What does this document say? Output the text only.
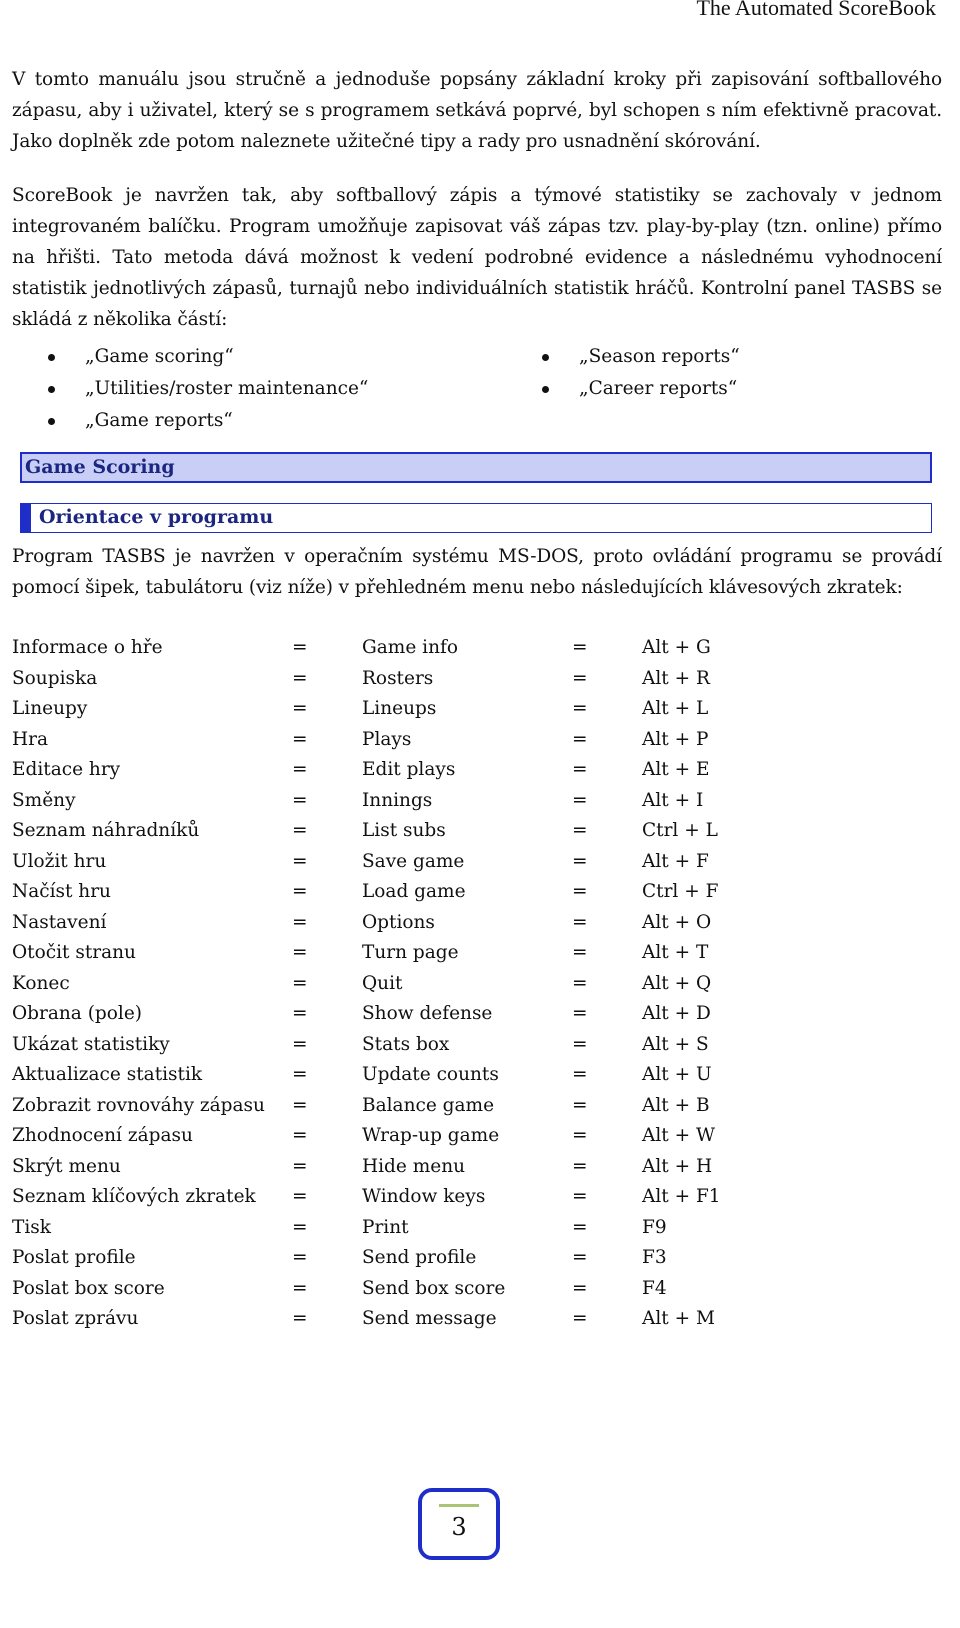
The Automated ScoreBook

V tomto manuálu jsou stručně a jednoduše popsány základní kroky při zapisování softballového zápasu, aby i uživatel, který se s programem setkává poprvé, byl schopen s ním efektivně pracovat. Jako doplněk zde potom naleznete užitečné tipy a rady pro usnadnění skórování.

ScoreBook je navržen tak, aby softballový zápis a týmové statistiky se zachovaly v jednom integrovaném balíčku. Program umožňuje zapisovat váš zápas tzv. play-by-play (tzn. online) přímo na hřišti. Tato metoda dává možnost k vedení podrobné evidence a následnému vyhodnocení statistik jednotlivých zápasů, turnajů nebo individuálních statistik hráčů. Kontrolní panel TASBS se skládá z několika částí:

„Game scoring“
„Utilities/roster maintenance“
„Game reports“
„Season reports“
„Career reports“
Game Scoring
Orientace v programu

Program TASBS je navržen v operačním systému MS-DOS, proto ovládání programu se provádí pomocí šipek, tabulátoru (viz níže) v přehledném menu nebo následujících klávesových zkratek:

Informace o hře	=	Game info	=	Alt + G
Soupiska	=	Rosters	=	Alt + R
Lineupy	=	Lineups	=	Alt + L
Hra	=	Plays	=	Alt + P
Editace hry	=	Edit plays	=	Alt + E
Směny	=	Innings	=	Alt + I
Seznam náhradníků	=	List subs	=	Ctrl + L
Uložit hru	=	Save game	=	Alt + F
Načíst hru	=	Load game	=	Ctrl + F
Nastavení	=	Options	=	Alt + O
Otočit stranu	=	Turn page	=	Alt + T
Konec	=	Quit	=	Alt + Q
Obrana (pole)	=	Show defense	=	Alt + D
Ukázat statistiky	=	Stats box	=	Alt + S
Aktualizace statistik	=	Update counts	=	Alt + U
Zobrazit rovnováhy zápasu =	Balance game	=	Alt + B
Zhodnocení zápasu	=	Wrap-up game	=	Alt + W
Skrýt menu	=	Hide menu	=	Alt + H
Seznam klíčových zkratek =	Window keys	=	Alt + F1
Tisk	=	Print	=	F9
Poslat profile	=	Send profile	=	F3
Poslat box score	=	Send box score	=	F4
Poslat zprávu	=	Send message	=	Alt + M
3
